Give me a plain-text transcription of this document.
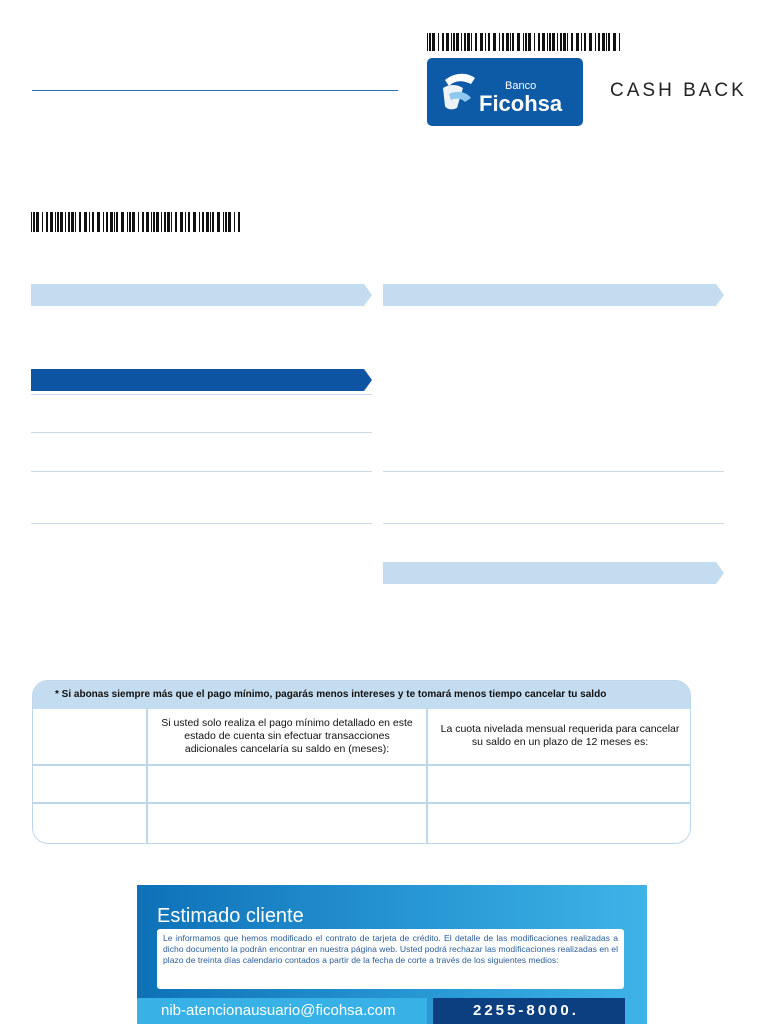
Banco
Ficohsa
CASH BACK
* Si abonas siempre más que el pago mínimo, pagarás menos intereses y te tomará menos tiempo cancelar tu saldo
Si usted solo realiza el pago mínimo detallado en este estado de cuenta sin efectuar transacciones adicionales cancelaría su saldo en (meses):
La cuota nivelada mensual requerida para cancelar su saldo en un plazo de 12 meses es:
Estimado cliente
Le informamos que hemos modificado el contrato de tarjeta de crédito. El detalle de las modificaciones realizadas a dicho documento la podrán encontrar en nuestra página web. Usted podrá rechazar las modificaciones realizadas en el plazo de treinta días calendario contados a partir de la fecha de corte a través de los siguientes medios:
nib-atencionausuario@ficohsa.com	2255-8000.
